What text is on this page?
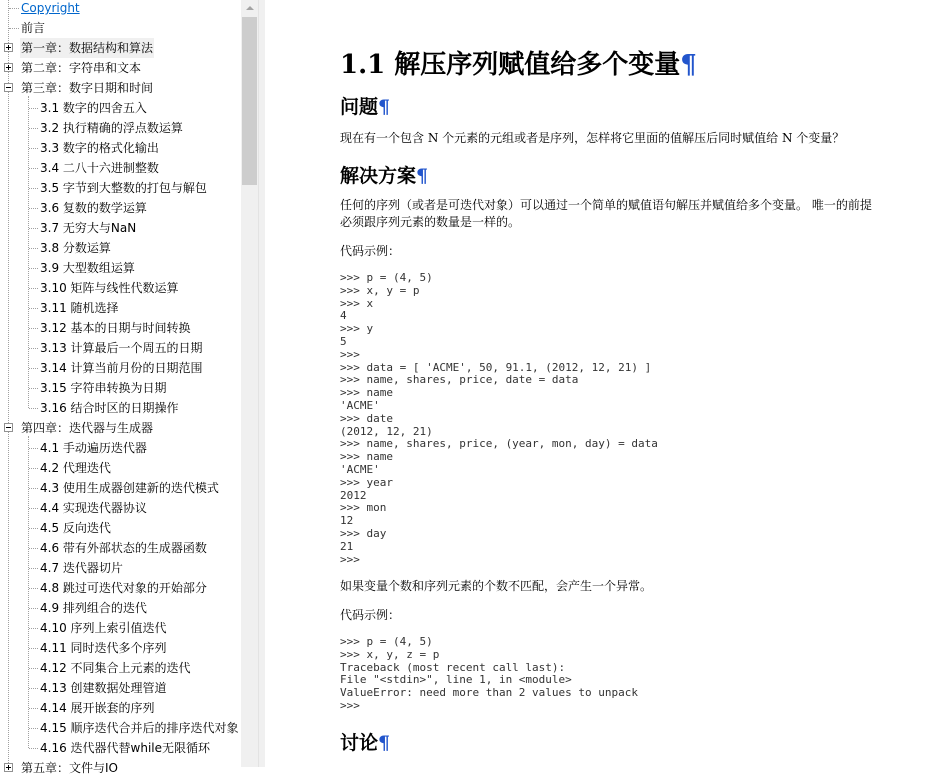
Copyright
前言
第一章：数据结构和算法
第二章：字符串和文本
第三章：数字日期和时间
3.1 数字的四舍五入
3.2 执行精确的浮点数运算
3.3 数字的格式化输出
3.4 二八十六进制整数
3.5 字节到大整数的打包与解包
3.6 复数的数学运算
3.7 无穷大与NaN
3.8 分数运算
3.9 大型数组运算
3.10 矩阵与线性代数运算
3.11 随机选择
3.12 基本的日期与时间转换
3.13 计算最后一个周五的日期
3.14 计算当前月份的日期范围
3.15 字符串转换为日期
3.16 结合时区的日期操作
第四章：迭代器与生成器
4.1 手动遍历迭代器
4.2 代理迭代
4.3 使用生成器创建新的迭代模式
4.4 实现迭代器协议
4.5 反向迭代
4.6 带有外部状态的生成器函数
4.7 迭代器切片
4.8 跳过可迭代对象的开始部分
4.9 排列组合的迭代
4.10 序列上索引值迭代
4.11 同时迭代多个序列
4.12 不同集合上元素的迭代
4.13 创建数据处理管道
4.14 展开嵌套的序列
4.15 顺序迭代合并后的排序迭代对象
4.16 迭代器代替while无限循环
第五章：文件与IO
1.1 解压序列赋值给多个变量¶
问题¶
现在有一个包含 N 个元素的元组或者是序列，怎样将它里面的值解压后同时赋值给 N 个变量？
解决方案¶
任何的序列（或者是可迭代对象）可以通过一个简单的赋值语句解压并赋值给多个变量。 唯一的前提
必须跟序列元素的数量是一样的。
代码示例：
>>> p = (4, 5)
>>> x, y = p
>>> x
4
>>> y
5
>>>
>>> data = [ 'ACME', 50, 91.1, (2012, 12, 21) ]
>>> name, shares, price, date = data
>>> name
'ACME'
>>> date
(2012, 12, 21)
>>> name, shares, price, (year, mon, day) = data
>>> name
'ACME'
>>> year
2012
>>> mon
12
>>> day
21
>>>
如果变量个数和序列元素的个数不匹配，会产生一个异常。
代码示例：
>>> p = (4, 5)
>>> x, y, z = p
Traceback (most recent call last):
File "<stdin>", line 1, in <module>
ValueError: need more than 2 values to unpack
>>>
讨论¶
